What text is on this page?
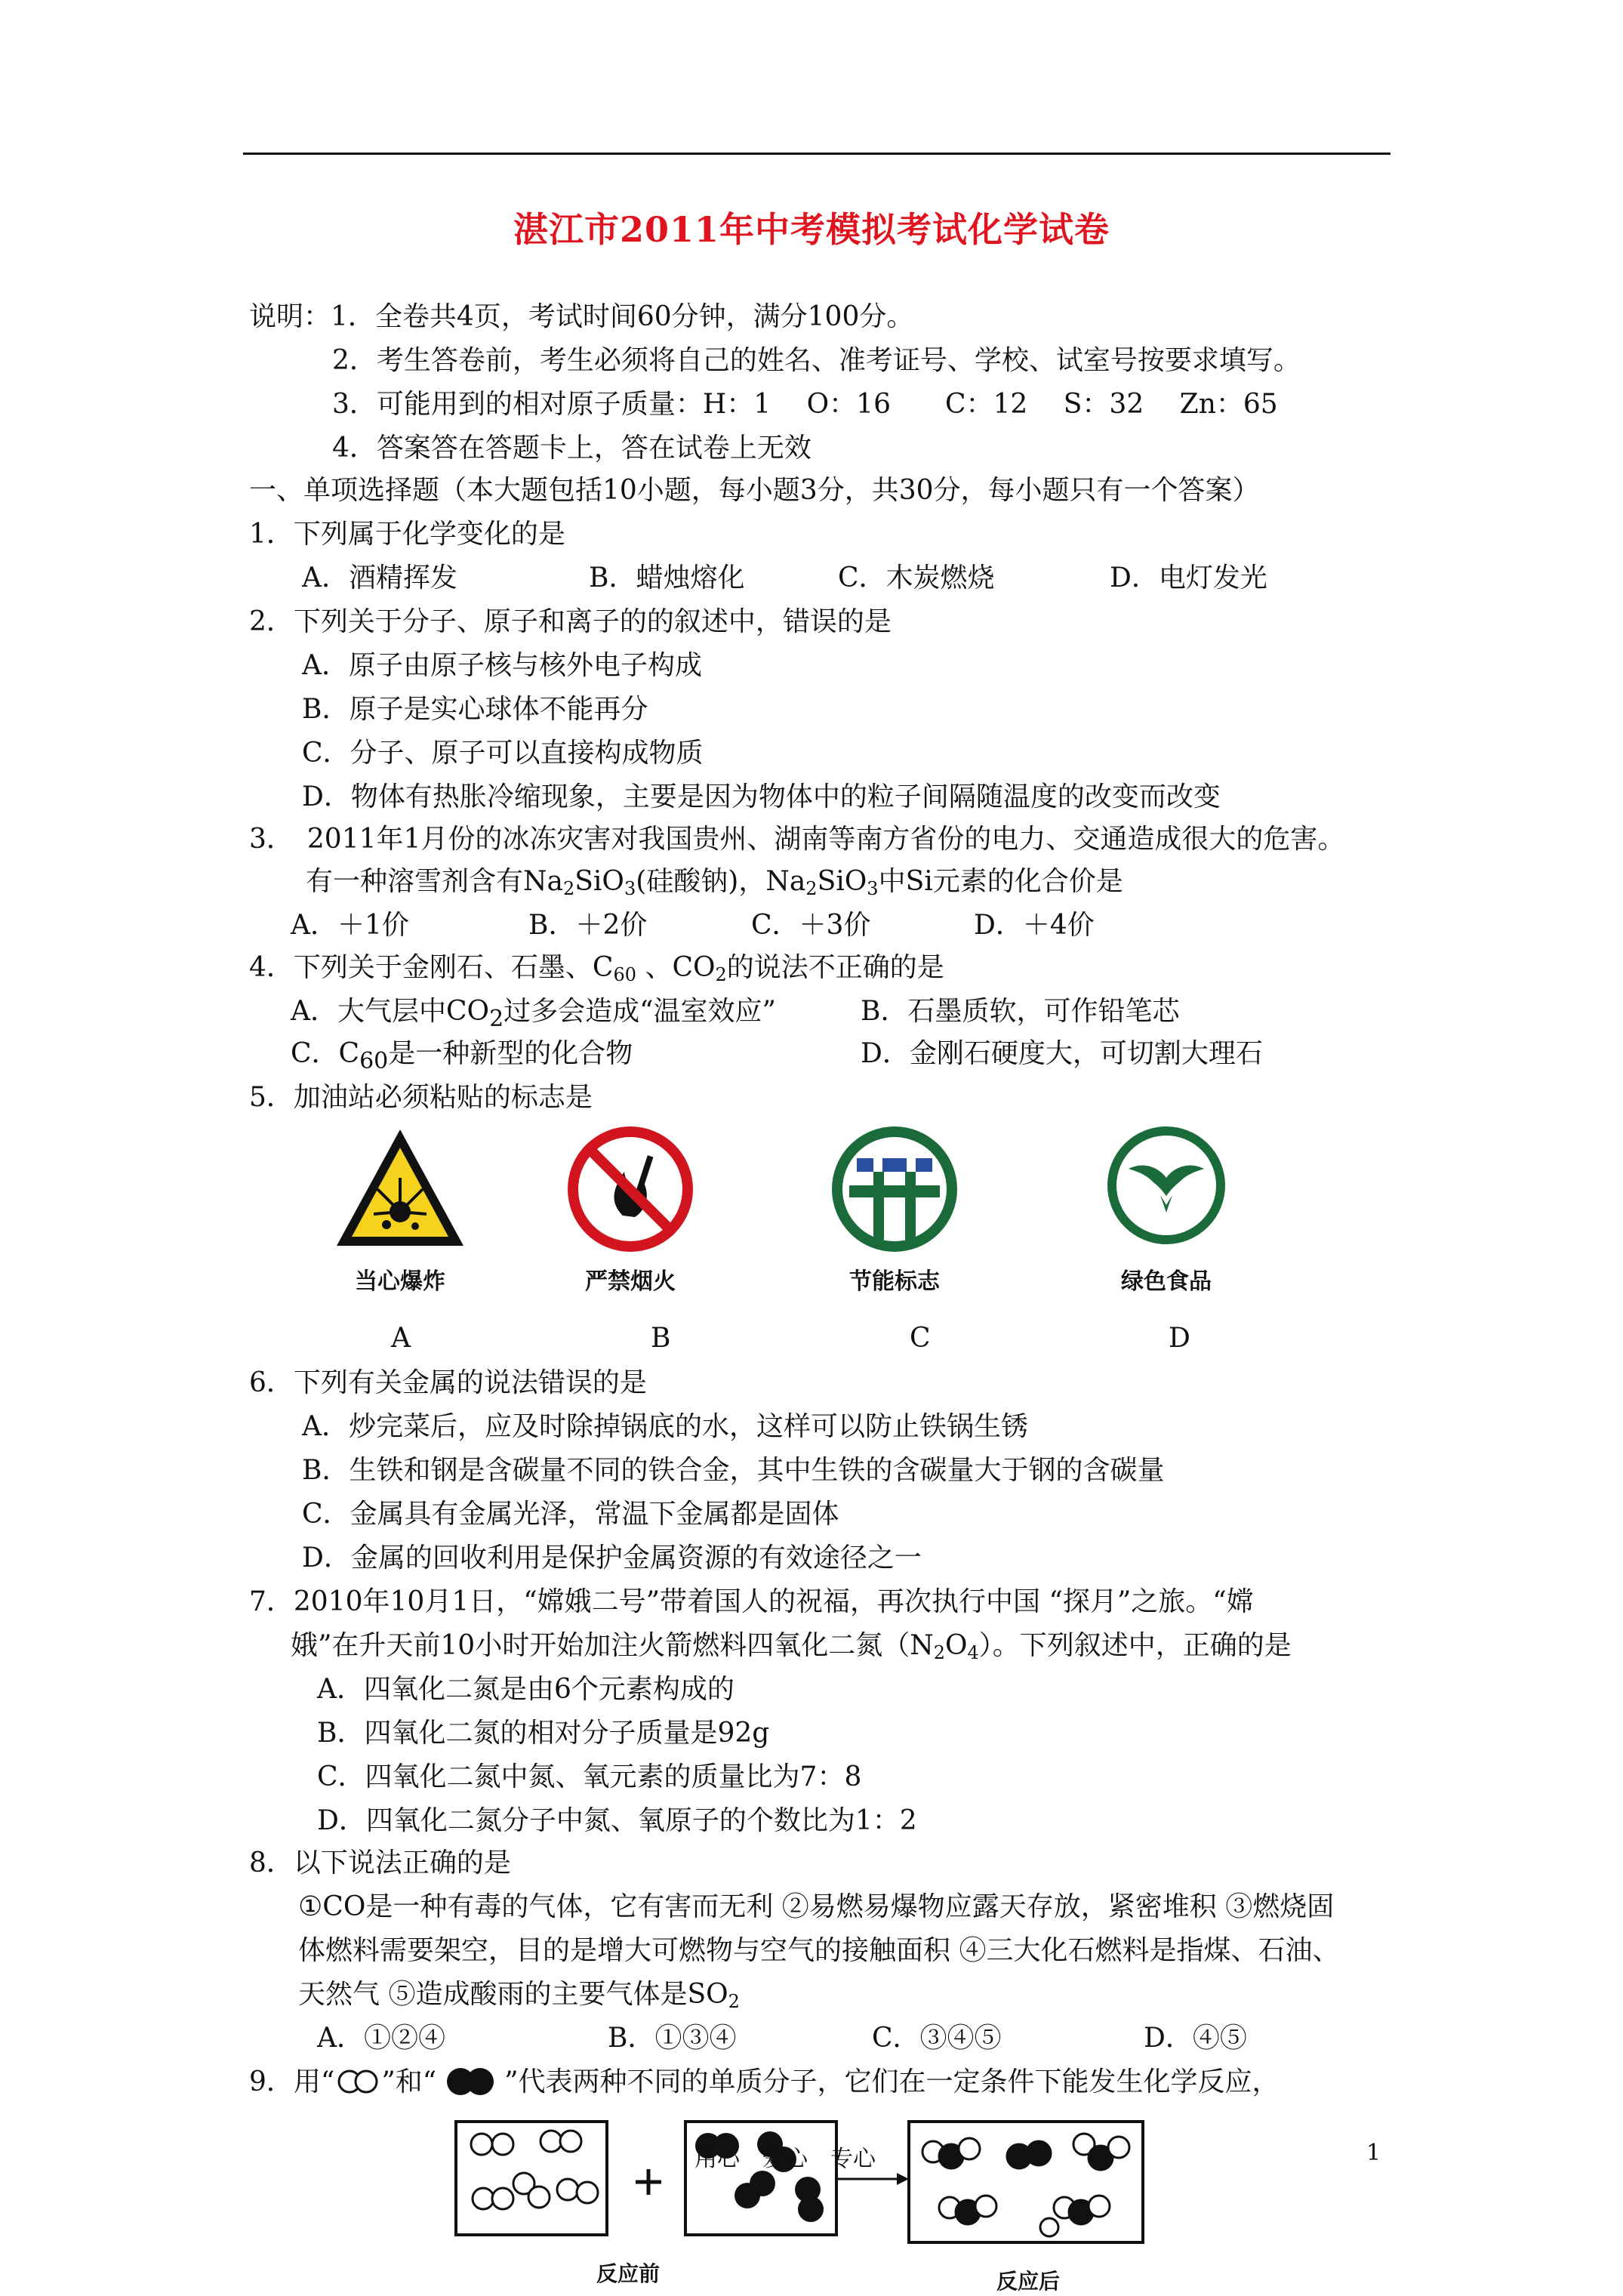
湛江市2011年中考模拟考试化学试卷
说明：1．全卷共4页，考试时间60分钟，满分100分。
2．考生答卷前，考生必须将自己的姓名、准考证号、学校、试室号按要求填写。
3．可能用到的相对原子质量：H：1　 O：16　　C：12　 S：32　 Zn：65
4．答案答在答题卡上，答在试卷上无效
一、单项选择题（本大题包括10小题，每小题3分，共30分，每小题只有一个答案）
1．下列属于化学变化的是
A．酒精挥发	B．蜡烛熔化	C．木炭燃烧	D．电灯发光
2．下列关于分子、原子和离子的的叙述中，错误的是
A．原子由原子核与核外电子构成
B．原子是实心球体不能再分
C．分子、原子可以直接构成物质
D．物体有热胀冷缩现象，主要是因为物体中的粒子间隔随温度的改变而改变
3．　2011年1月份的冰冻灾害对我国贵州、湖南等南方省份的电力、交通造成很大的危害。
有一种溶雪剂含有$Na_2SiO_3$(硅酸钠)，$Na_2SiO_3$中Si元素的化合价是
A．＋1价	B．＋2价	C．＋3价	D．＋4价
4．下列关于金刚石、石墨、$C_{60}$ 、$CO_2$的说法不正确的是
A．大气层中$CO_2$过多会造成“温室效应”	B．石墨质软，可作铅笔芯
C．$C_{60}$是一种新型的化合物	D．金刚石硬度大，可切割大理石
5．加油站必须粘贴的标志是
当心爆炸	严禁烟火	节能标志	绿色食品
A	B	C	D
6．下列有关金属的说法错误的是
A．炒完菜后，应及时除掉锅底的水，这样可以防止铁锅生锈
B．生铁和钢是含碳量不同的铁合金，其中生铁的含碳量大于钢的含碳量
C．金属具有金属光泽，常温下金属都是固体
D．金属的回收利用是保护金属资源的有效途径之一
7．2010年10月1日，“嫦娥二号”带着国人的祝福，再次执行中国 “探月”之旅。“嫦
娥”在升天前10小时开始加注火箭燃料四氧化二氮$(N_2O_4)$。下列叙述中，正确的是
A．四氧化二氮是由6个元素构成的
B．四氧化二氮的相对分子质量是92g
C．四氧化二氮中氮、氧元素的质量比为7：8
D．四氧化二氮分子中氮、氧原子的个数比为1：2
8．以下说法正确的是
①CO是一种有毒的气体，它有害而无利 ②易燃易爆物应露天存放，紧密堆积 ③燃烧固
体燃料需要架空，目的是增大可燃物与空气的接触面积 ④三大化石燃料是指煤、石油、
天然气 ⑤造成酸雨的主要气体是$SO_2$
A．①②④	B．①③④	C．③④⑤	D．④⑤
9．用“ ”和“	”代表两种不同的单质分子，它们在一定条件下能发生化学反应，
用心　爱心　专心	1
反应前	反应后
